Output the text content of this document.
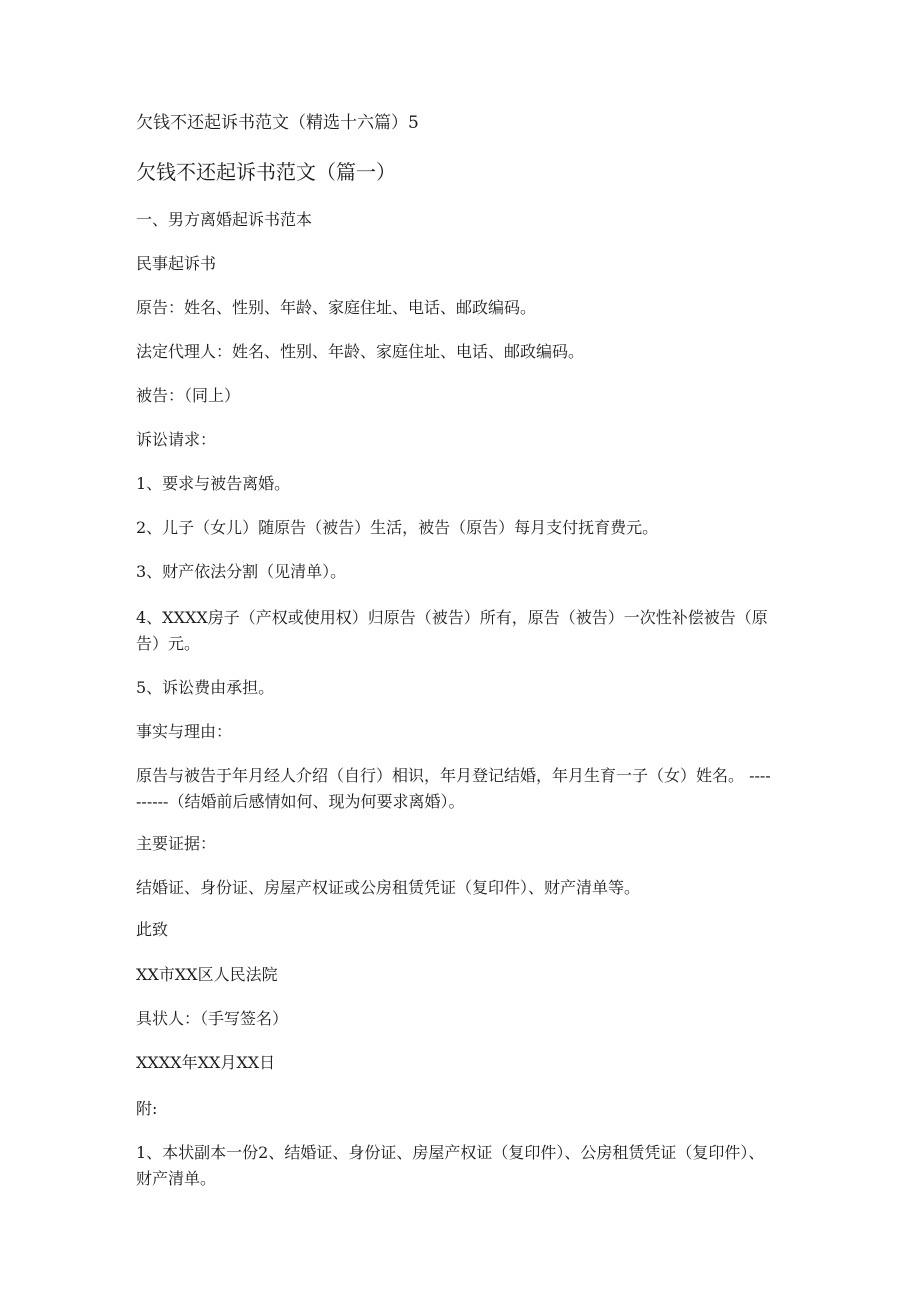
欠钱不还起诉书范文（精选十六篇）5
欠钱不还起诉书范文（篇一）

一、男方离婚起诉书范本

民事起诉书

原告：姓名、性别、年龄、家庭住址、电话、邮政编码。

法定代理人：姓名、性别、年龄、家庭住址、电话、邮政编码。

被告：（同上）

诉讼请求：

1、要求与被告离婚。

2、儿子（女儿）随原告（被告）生活，被告（原告）每月支付抚育费元。

3、财产依法分割（见清单）。

4、XXXX房子（产权或使用权）归原告（被告）所有，原告（被告）一次性补偿被告（原告）元。

5、诉讼费由承担。

事实与理由：

原告与被告于年月经人介绍（自行）相识，年月登记结婚，年月生育一子（女）姓名。 ----------（结婚前后感情如何、现为何要求离婚）。

主要证据：

结婚证、身份证、房屋产权证或公房租赁凭证（复印件）、财产清单等。

此致

XX市XX区人民法院

具状人：（手写签名）

XXXX年XX月XX日

附:

1、本状副本一份2、结婚证、身份证、房屋产权证（复印件）、公房租赁凭证（复印件）、财产清单。
